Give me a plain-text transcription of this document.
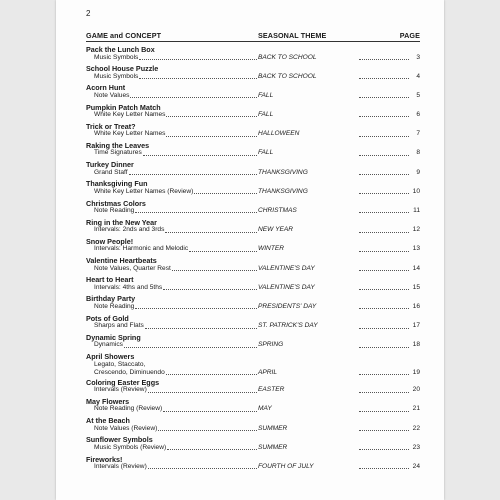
2
GAME and CONCEPT	SEASONAL THEME	PAGE
Pack the Lunch Box
Music Symbols	BACK TO SCHOOL	3
School House Puzzle
Music Symbols	BACK TO SCHOOL	4
Acorn Hunt
Note Values	FALL	5
Pumpkin Patch Match
White Key Letter Names	FALL	6
Trick or Treat?
White Key Letter Names	HALLOWEEN	7
Raking the Leaves
Time Signatures	FALL	8
Turkey Dinner
Grand Staff	THANKSGIVING	9
Thanksgiving Fun
White Key Letter Names (Review)	THANKSGIVING	10
Christmas Colors
Note Reading	CHRISTMAS	11
Ring in the New Year
Intervals: 2nds and 3rds	NEW YEAR	12
Snow People!
Intervals: Harmonic and Melodic	WINTER	13
Valentine Heartbeats
Note Values, Quarter Rest	VALENTINE'S DAY	14
Heart to Heart
Intervals: 4ths and 5ths	VALENTINE'S DAY	15
Birthday Party
Note Reading	PRESIDENTS' DAY	16
Pots of Gold
Sharps and Flats	ST. PATRICK'S DAY	17
Dynamic Spring
Dynamics	SPRING	18
April Showers
Legato, Staccato,
Crescendo, Diminuendo	APRIL	19
Coloring Easter Eggs
Intervals (Review)	EASTER	20
May Flowers
Note Reading (Review)	MAY	21
At the Beach
Note Values (Review)	SUMMER	22
Sunflower Symbols
Music Symbols (Review)	SUMMER	23
Fireworks!
Intervals (Review)	FOURTH OF JULY	24
